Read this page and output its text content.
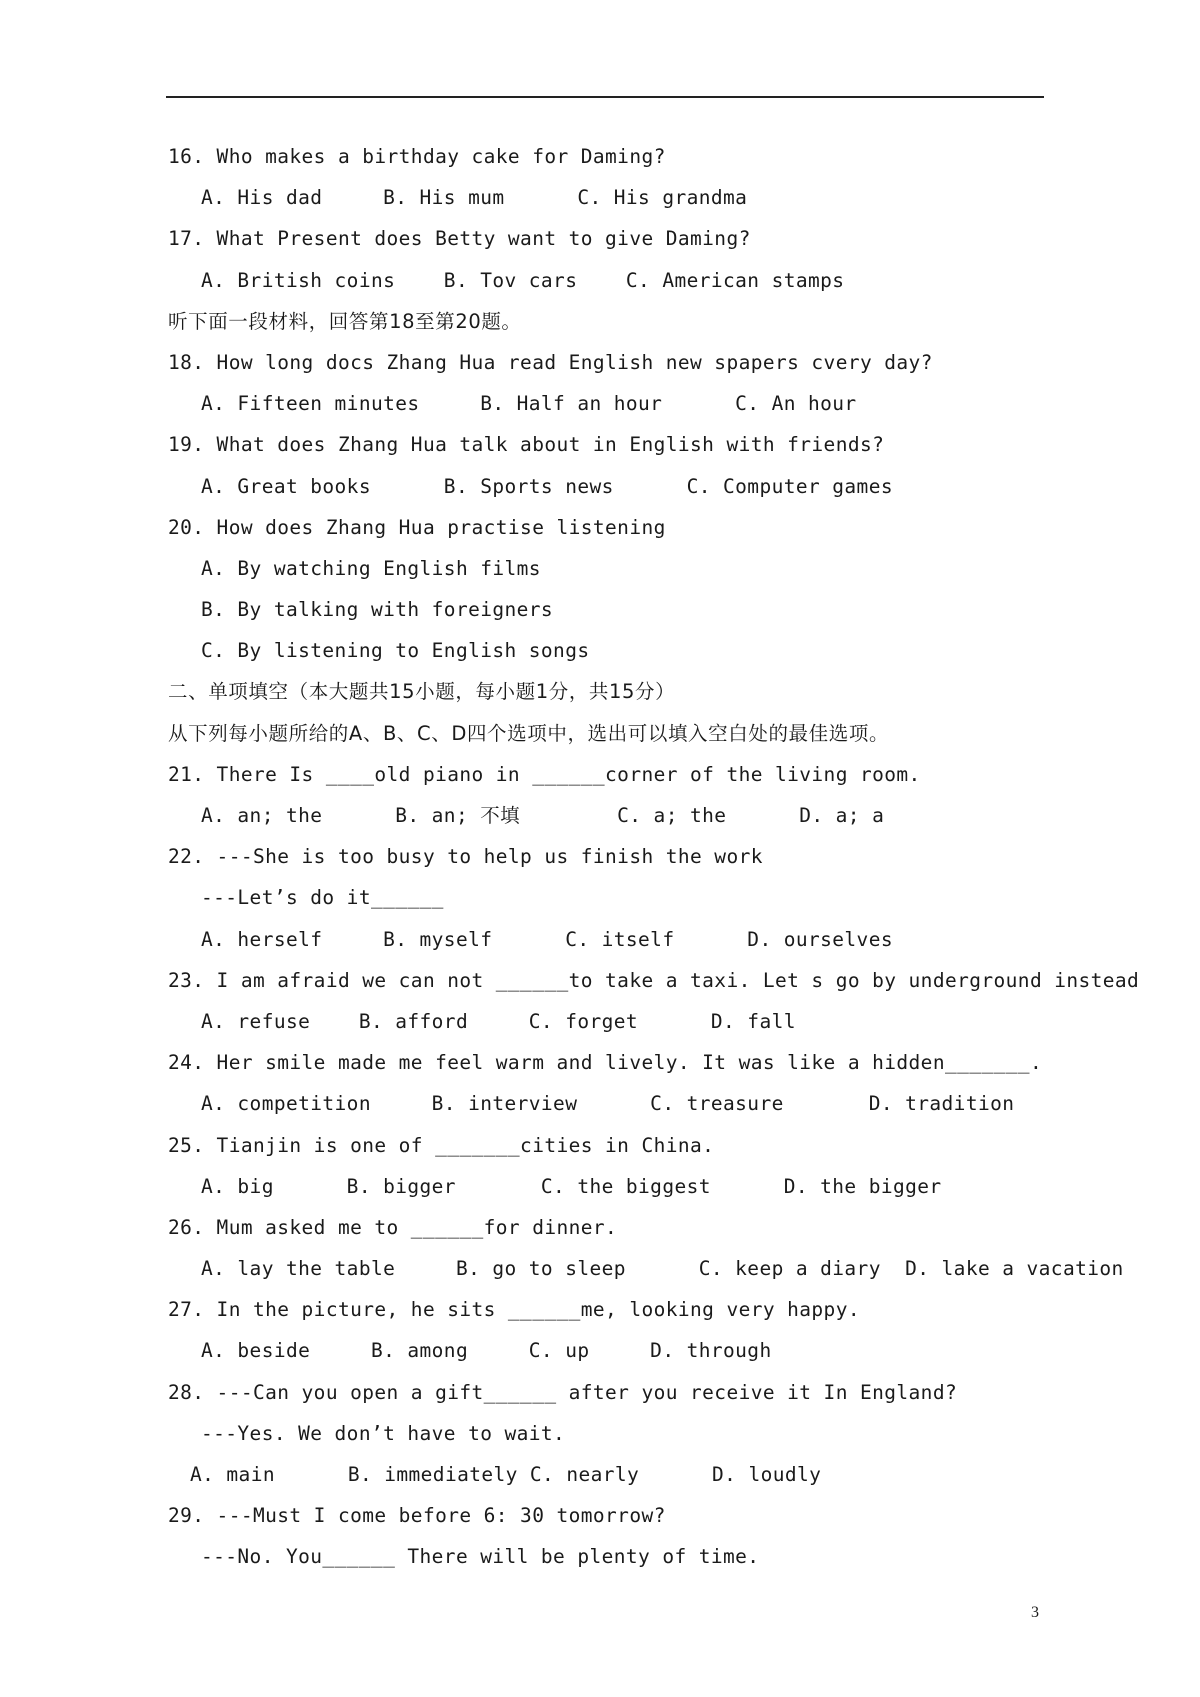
16. Who makes a birthday cake for Daming?
A. His dad     B. His mum      C. His grandma
17. What Present does Betty want to give Daming?
A. British coins    B. Tov cars    C. American stamps
听下面一段材料，回答第18至第20题。
18. How long docs Zhang Hua read English new spapers cvery day?
A. Fifteen minutes     B. Half an hour      C. An hour
19. What does Zhang Hua talk about in English with friends?
A. Great books      B. Sports news      C. Computer games
20. How does Zhang Hua practise listening
A. By watching English films
B. By talking with foreigners
C. By listening to English songs
二、单项填空（本大题共15小题，每小题1分，共15分）
从下列每小题所给的A、B、C、D四个选项中，选出可以填入空白处的最佳选项。
21. There Is ____old piano in ______corner of the living room.
A. an; the      B. an; 不填        C. a; the      D. a; a
22. ---She is too busy to help us finish the work
---Let’s do it______
A. herself     B. myself      C. itself      D. ourselves
23. I am afraid we can not ______to take a taxi. Let s go by underground instead
A. refuse    B. afford     C. forget      D. fall
24. Her smile made me feel warm and lively. It was like a hidden_______.
A. competition     B. interview      C. treasure       D. tradition
25. Tianjin is one of _______cities in China.
A. big      B. bigger       C. the biggest      D. the bigger
26. Mum asked me to ______for dinner.
A. lay the table     B. go to sleep      C. keep a diary  D. lake a vacation
27. In the picture, he sits ______me, looking very happy.
A. beside     B. among     C. up     D. through
28. ---Can you open a gift______ after you receive it In England?
---Yes. We don’t have to wait.
A. main      B. immediately C. nearly      D. loudly
29. ---Must I come before 6: 30 tomorrow?
---No. You______ There will be plenty of time.
3
